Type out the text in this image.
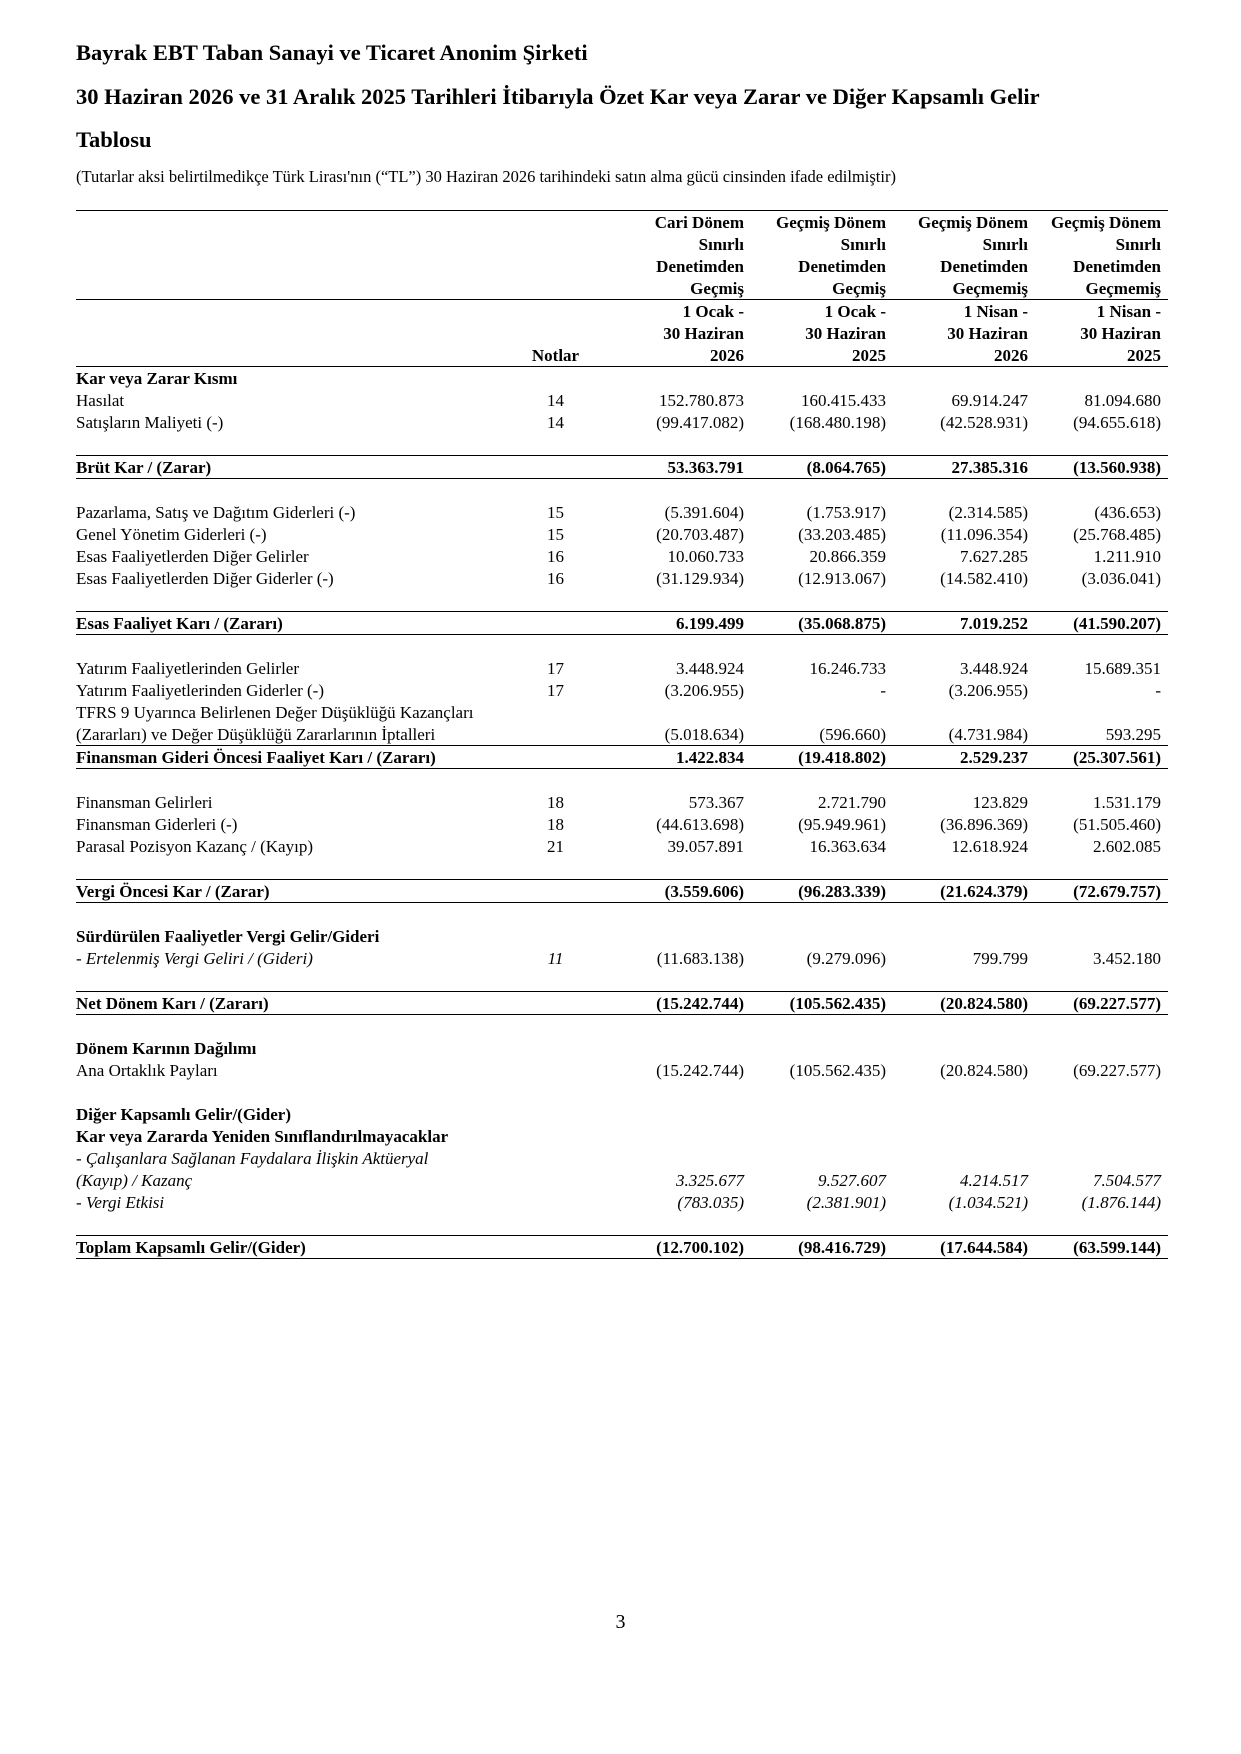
Bayrak EBT Taban Sanayi ve Ticaret Anonim Şirketi
30 Haziran 2026 ve 31 Aralık 2025 Tarihleri İtibarıyla Özet Kar veya Zarar ve Diğer Kapsamlı Gelir
Tablosu
(Tutarlar aksi belirtilmedikçe Türk Lirası'nın (“TL”) 30 Haziran 2026 tarihindeki satın alma gücü cinsinden ifade edilmiştir)
		Cari Dönem	Geçmiş Dönem	Geçmiş Dönem	Geçmiş Dönem
		Sınırlı	Sınırlı	Sınırlı	Sınırlı
		Denetimden	Denetimden	Denetimden	Denetimden
		Geçmiş	Geçmiş	Geçmemiş	Geçmemiş
		1 Ocak -	1 Ocak -	1 Nisan -	1 Nisan -
		30 Haziran	30 Haziran	30 Haziran	30 Haziran
	Notlar	2026	2025	2026	2025
Kar veya Zarar Kısmı					
Hasılat	14	152.780.873	160.415.433	69.914.247	81.094.680
Satışların Maliyeti (-)	14	(99.417.082)	(168.480.198)	(42.528.931)	(94.655.618)

Brüt Kar / (Zarar)		53.363.791	(8.064.765)	27.385.316	(13.560.938)

Pazarlama, Satış ve Dağıtım Giderleri (-)	15	(5.391.604)	(1.753.917)	(2.314.585)	(436.653)
Genel Yönetim Giderleri (-)	15	(20.703.487)	(33.203.485)	(11.096.354)	(25.768.485)
Esas Faaliyetlerden Diğer Gelirler	16	10.060.733	20.866.359	7.627.285	1.211.910
Esas Faaliyetlerden Diğer Giderler (-)	16	(31.129.934)	(12.913.067)	(14.582.410)	(3.036.041)

Esas Faaliyet Karı / (Zararı)		6.199.499	(35.068.875)	7.019.252	(41.590.207)

Yatırım Faaliyetlerinden Gelirler	17	3.448.924	16.246.733	3.448.924	15.689.351
Yatırım Faaliyetlerinden Giderler (-)	17	(3.206.955)	-	(3.206.955)	-
TFRS 9 Uyarınca Belirlenen Değer Düşüklüğü Kazançları					
(Zararları) ve Değer Düşüklüğü Zararlarının İptalleri		(5.018.634)	(596.660)	(4.731.984)	593.295
Finansman Gideri Öncesi Faaliyet Karı / (Zararı)		1.422.834	(19.418.802)	2.529.237	(25.307.561)

Finansman Gelirleri	18	573.367	2.721.790	123.829	1.531.179
Finansman Giderleri (-)	18	(44.613.698)	(95.949.961)	(36.896.369)	(51.505.460)
Parasal Pozisyon Kazanç / (Kayıp)	21	39.057.891	16.363.634	12.618.924	2.602.085

Vergi Öncesi Kar / (Zarar)		(3.559.606)	(96.283.339)	(21.624.379)	(72.679.757)

Sürdürülen Faaliyetler Vergi Gelir/Gideri					
- Ertelenmiş Vergi Geliri / (Gideri)	11	(11.683.138)	(9.279.096)	799.799	3.452.180

Net Dönem Karı / (Zararı)		(15.242.744)	(105.562.435)	(20.824.580)	(69.227.577)

Dönem Karının Dağılımı					
Ana Ortaklık Payları		(15.242.744)	(105.562.435)	(20.824.580)	(69.227.577)

Diğer Kapsamlı Gelir/(Gider)					
Kar veya Zararda Yeniden Sınıflandırılmayacaklar					
- Çalışanlara Sağlanan Faydalara İlişkin Aktüeryal					
(Kayıp) / Kazanç		3.325.677	9.527.607	4.214.517	7.504.577
- Vergi Etkisi		(783.035)	(2.381.901)	(1.034.521)	(1.876.144)

Toplam Kapsamlı Gelir/(Gider)		(12.700.102)	(98.416.729)	(17.644.584)	(63.599.144)
3
